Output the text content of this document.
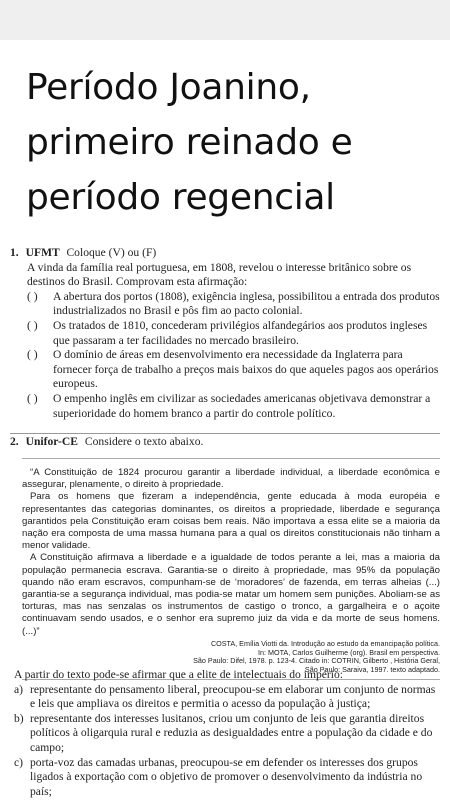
Período Joanino,
primeiro reinado e
período regencial
1. UFMT Coloque (V) ou (F)
A vinda da família real portuguesa, em 1808, revelou o interesse britânico sobre os destinos do Brasil. Comprovam esta afirmação:
( ) A abertura dos portos (1808), exigência inglesa, possibilitou a entrada dos produtos industrializados no Brasil e pôs fim ao pacto colonial.
( ) Os tratados de 1810, concederam privilégios alfandegários aos produtos ingleses que passaram a ter facilidades no mercado brasileiro.
( ) O domínio de áreas em desenvolvimento era necessidade da Inglaterra para fornecer força de trabalho a preços mais baixos do que aqueles pagos aos operários europeus.
( ) O empenho inglês em civilizar as sociedades americanas objetivava demonstrar a superioridade do homem branco a partir do controle político.
2. Unifor-CE Considere o texto abaixo.

“A Constituição de 1824 procurou garantir a liberdade individual, a liberdade econômica e assegurar, plenamente, o direito à propriedade.

Para os homens que fizeram a independência, gente educada à moda européia e representantes das categorias dominantes, os direitos a propriedade, liberdade e segurança garantidos pela Constituição eram coisas bem reais. Não importava a essa elite se a maioria da nação era composta de uma massa humana para a qual os direitos constitucionais não tinham a menor validade.

A Constituição afirmava a liberdade e a igualdade de todos perante a lei, mas a maioria da população permanecia escrava. Garantia-se o direito à propriedade, mas 95% da população quando não eram escravos, compunham-se de ‘moradores’ de fazenda, em terras alheias (...) garantia-se a segurança individual, mas podia-se matar um homem sem punições. Aboliam-se as torturas, mas nas senzalas os instrumentos de castigo o tronco, a gargalheira e o açoite continuavam sendo usados, e o senhor era supremo juiz da vida e da morte de seus homens. (...)”

COSTA, Emília Viotti da. Introdução ao estudo da emancipação política.
In: MOTA, Carlos Guilherme (org). Brasil em perspectiva.
São Paulo: Difel, 1978. p. 123-4. Citado in: COTRIN, Gilberto , História Geral,
São Paulo: Saraiva, 1997. texto adaptado.
A partir do texto pode-se afirmar que a elite de intelectuais do império:
a) representante do pensamento liberal, preocupou-se em elaborar um conjunto de normas e leis que ampliava os direitos e permitia o acesso da população à justiça;
b) representante dos interesses lusitanos, criou um conjunto de leis que garantia direitos políticos à oligarquia rural e reduzia as desigualdades entre a população da cidade e do campo;
c) porta-voz das camadas urbanas, preocupou-se em defender os interesses dos grupos ligados à exportação com o objetivo de promover o desenvolvimento da indústria no país;
